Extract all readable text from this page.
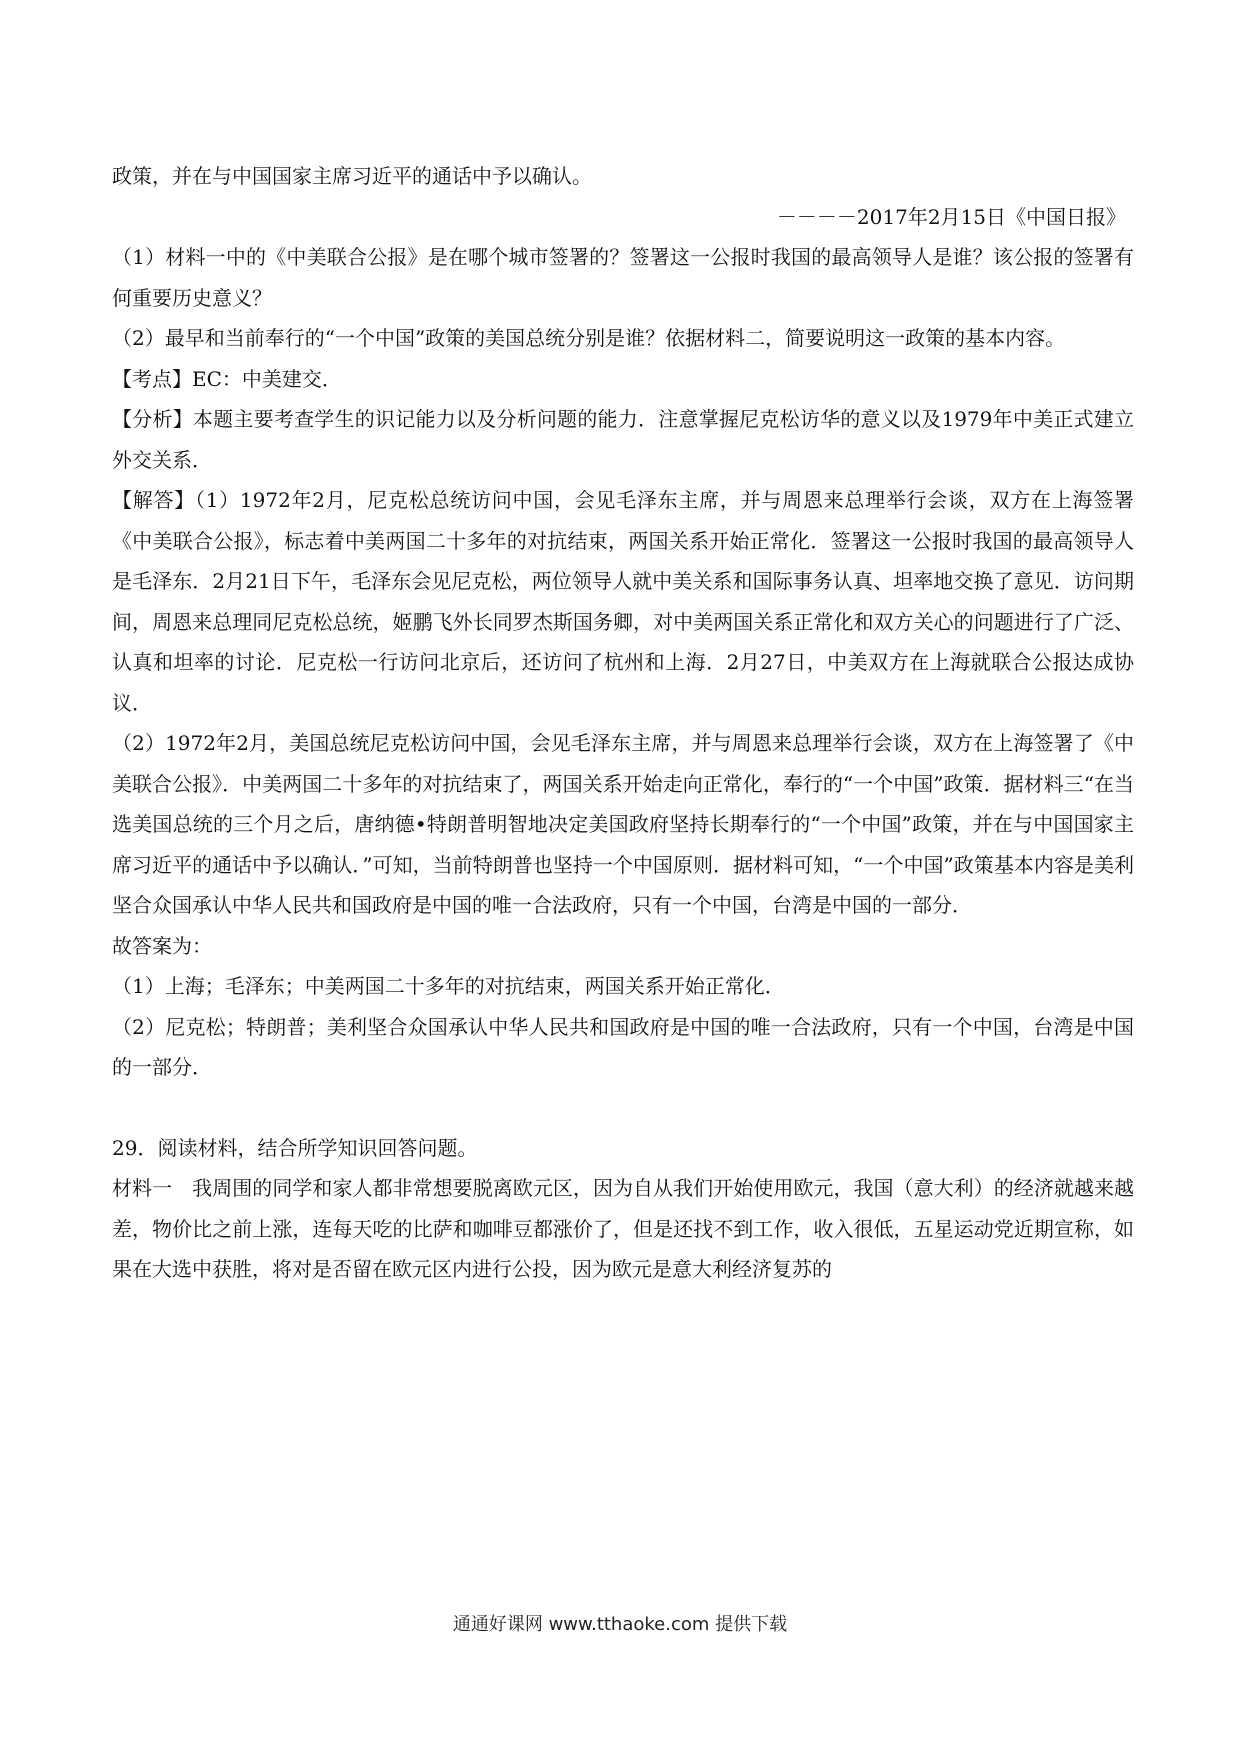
政策，并在与中国国家主席习近平的通话中予以确认。

－－－－2017年2月15日《中国日报》

（1）材料一中的《中美联合公报》是在哪个城市签署的？签署这一公报时我国的最高领导人是谁？该公报的签署有何重要历史意义？

（2）最早和当前奉行的“一个中国”政策的美国总统分别是谁？依据材料二，简要说明这一政策的基本内容。

【考点】EC：中美建交．

【分析】本题主要考查学生的识记能力以及分析问题的能力．注意掌握尼克松访华的意义以及1979年中美正式建立外交关系．

【解答】（1）1972年2月，尼克松总统访问中国，会见毛泽东主席，并与周恩来总理举行会谈，双方在上海签署《中美联合公报》，标志着中美两国二十多年的对抗结束，两国关系开始正常化．签署这一公报时我国的最高领导人是毛泽东．2月21日下午，毛泽东会见尼克松，两位领导人就中美关系和国际事务认真、坦率地交换了意见．访问期间，周恩来总理同尼克松总统，姬鹏飞外长同罗杰斯国务卿，对中美两国关系正常化和双方关心的问题进行了广泛、认真和坦率的讨论．尼克松一行访问北京后，还访问了杭州和上海．2月27日，中美双方在上海就联合公报达成协议．

（2）1972年2月，美国总统尼克松访问中国，会见毛泽东主席，并与周恩来总理举行会谈，双方在上海签署了《中美联合公报》．中美两国二十多年的对抗结束了，两国关系开始走向正常化，奉行的“一个中国”政策．据材料三“在当选美国总统的三个月之后，唐纳德•特朗普明智地决定美国政府坚持长期奉行的“一个中国”政策，并在与中国国家主席习近平的通话中予以确认．”可知，当前特朗普也坚持一个中国原则．据材料可知，“一个中国”政策基本内容是美利坚合众国承认中华人民共和国政府是中国的唯一合法政府，只有一个中国，台湾是中国的一部分．

故答案为：

（1）上海；毛泽东；中美两国二十多年的对抗结束，两国关系开始正常化．

（2）尼克松；特朗普；美利坚合众国承认中华人民共和国政府是中国的唯一合法政府，只有一个中国，台湾是中国的一部分．

29．阅读材料，结合所学知识回答问题。

材料一　我周围的同学和家人都非常想要脱离欧元区，因为自从我们开始使用欧元，我国（意大利）的经济就越来越差，物价比之前上涨，连每天吃的比萨和咖啡豆都涨价了，但是还找不到工作，收入很低，五星运动党近期宣称，如果在大选中获胜，将对是否留在欧元区内进行公投，因为欧元是意大利经济复苏的

通通好课网 www.tthaoke.com 提供下载
